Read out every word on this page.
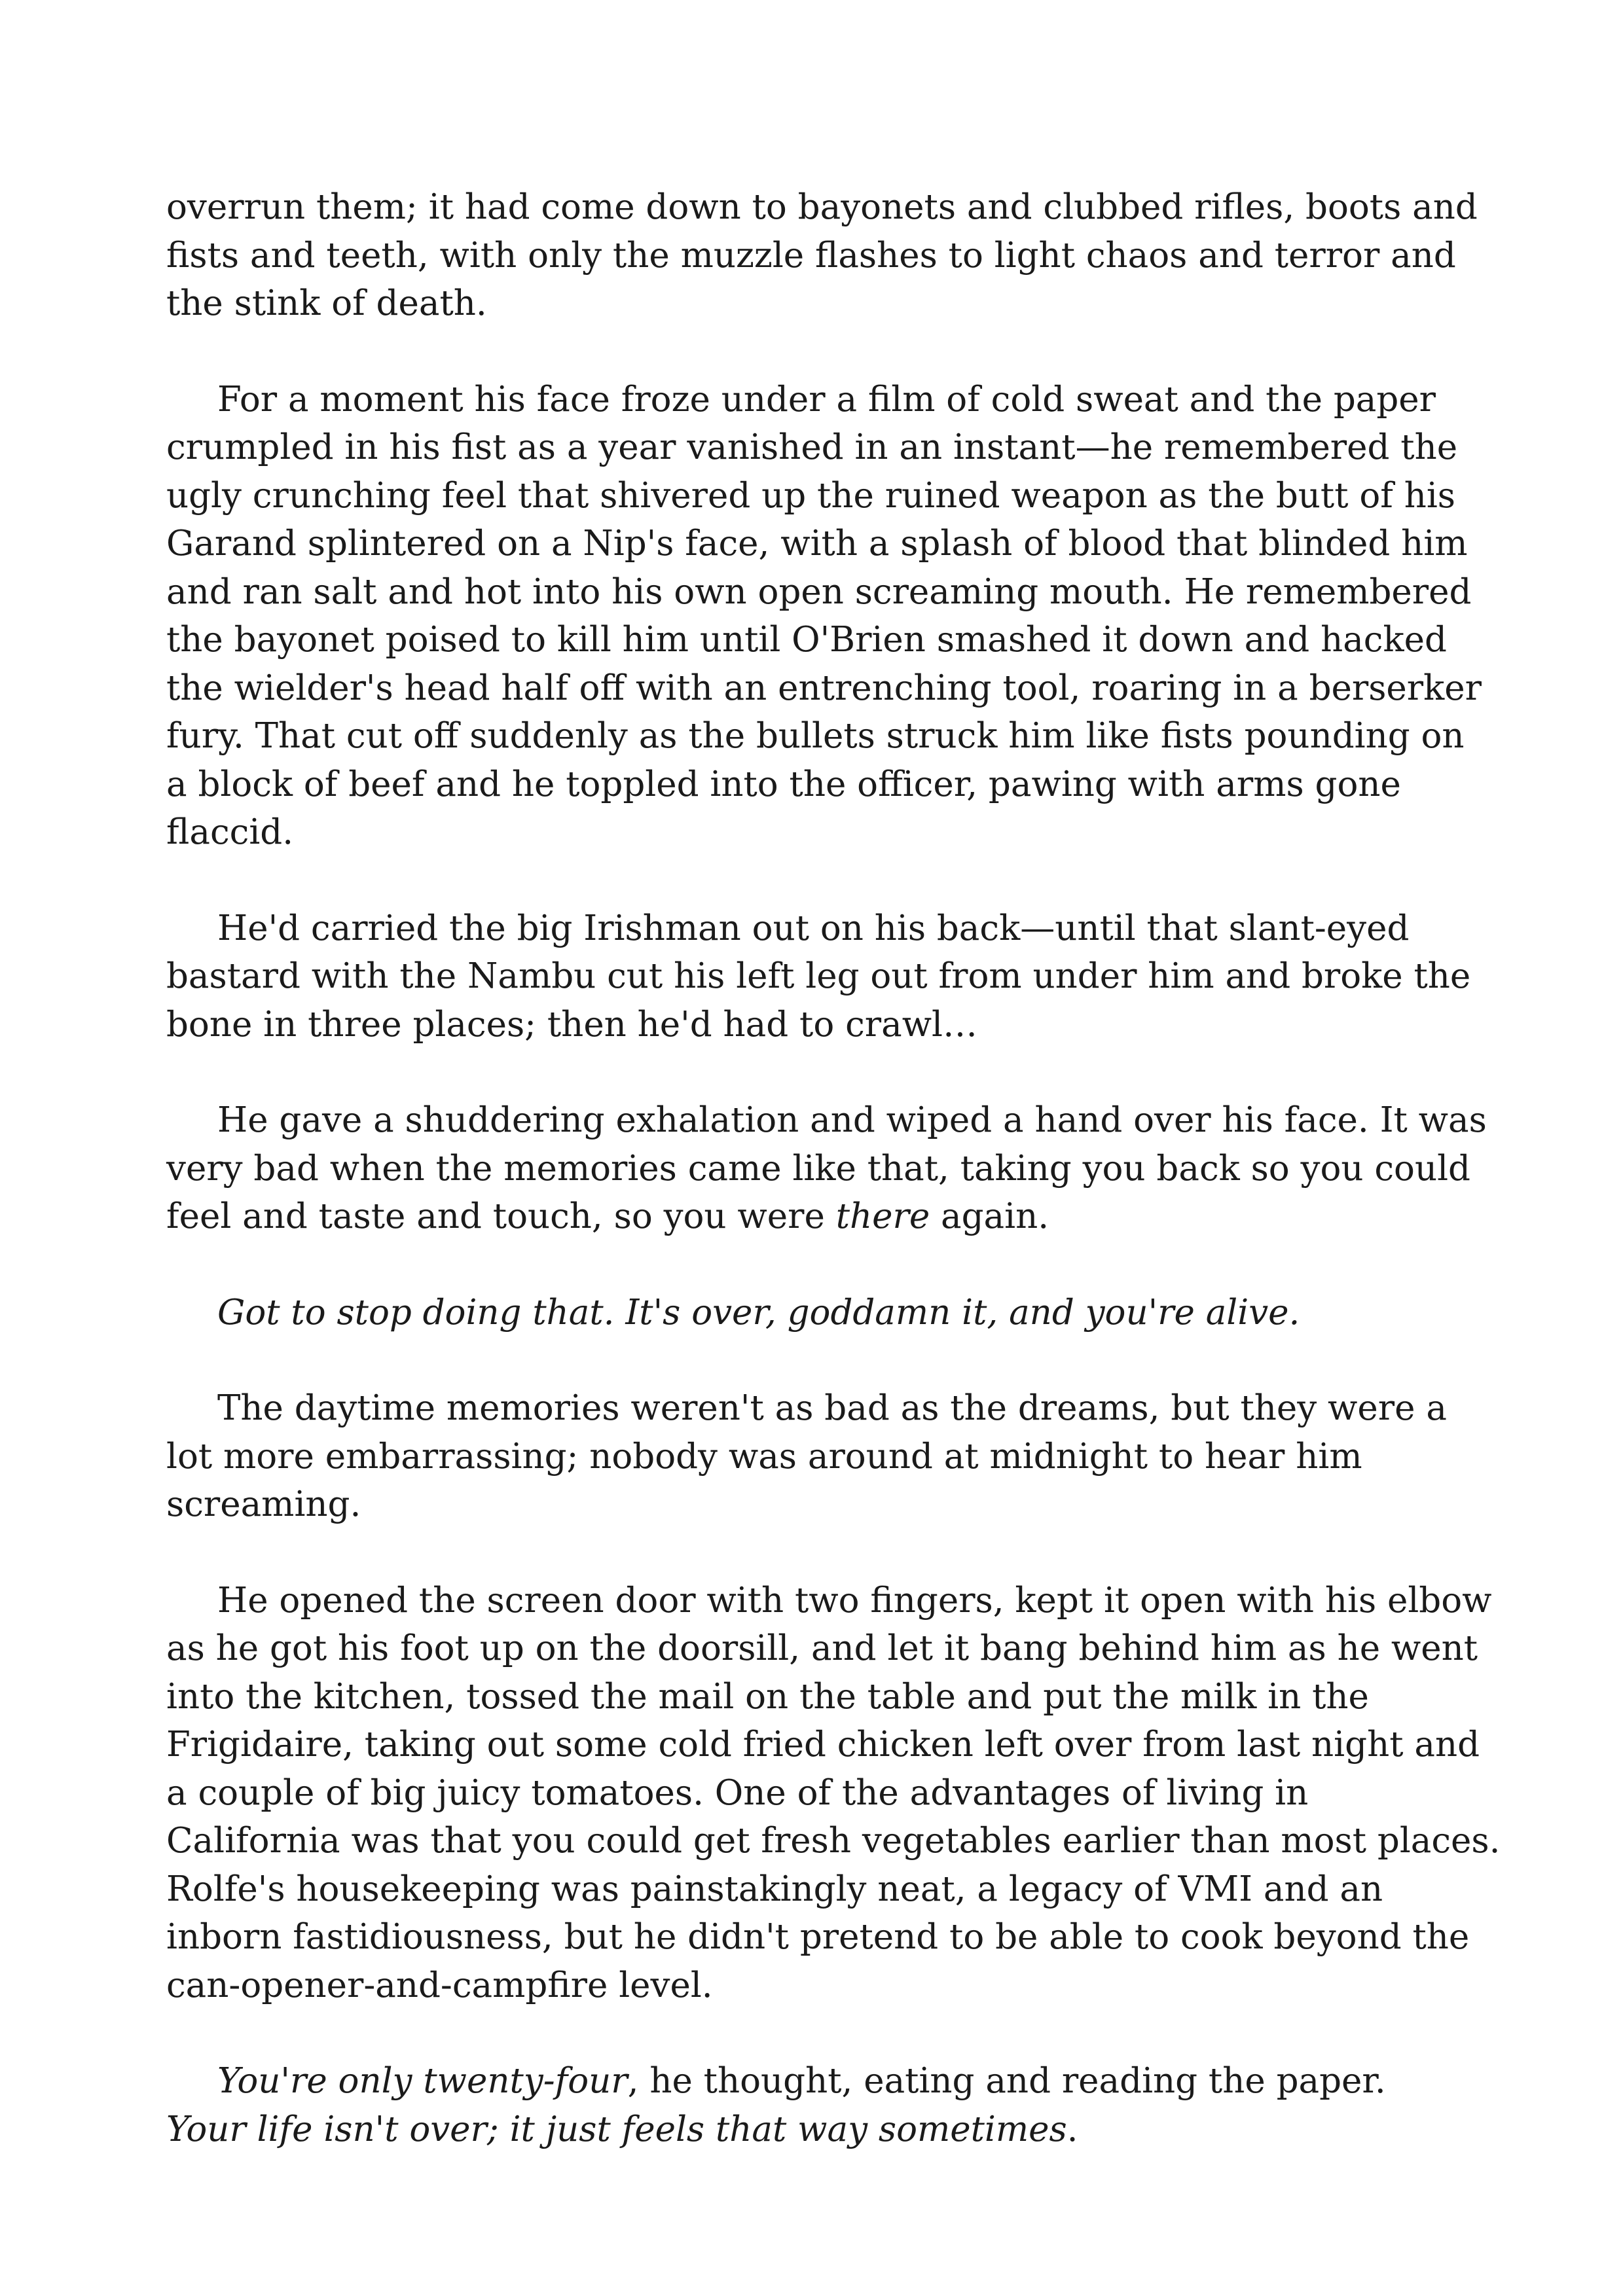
overrun them; it had come down to bayonets and clubbed rifles, boots and
fists and teeth, with only the muzzle flashes to light chaos and terror and
the stink of death.

For a moment his face froze under a film of cold sweat and the paper
crumpled in his fist as a year vanished in an instant—he remembered the
ugly crunching feel that shivered up the ruined weapon as the butt of his
Garand splintered on a Nip's face, with a splash of blood that blinded him
and ran salt and hot into his own open screaming mouth. He remembered
the bayonet poised to kill him until O'Brien smashed it down and hacked
the wielder's head half off with an entrenching tool, roaring in a berserker
fury. That cut off suddenly as the bullets struck him like fists pounding on
a block of beef and he toppled into the officer, pawing with arms gone
flaccid.

He'd carried the big Irishman out on his back—until that slant-eyed
bastard with the Nambu cut his left leg out from under him and broke the
bone in three places; then he'd had to crawl…

He gave a shuddering exhalation and wiped a hand over his face. It was
very bad when the memories came like that, taking you back so you could
feel and taste and touch, so you were there again.

Got to stop doing that. It's over, goddamn it, and you're alive.

The daytime memories weren't as bad as the dreams, but they were a
lot more embarrassing; nobody was around at midnight to hear him
screaming.

He opened the screen door with two fingers, kept it open with his elbow
as he got his foot up on the doorsill, and let it bang behind him as he went
into the kitchen, tossed the mail on the table and put the milk in the
Frigidaire, taking out some cold fried chicken left over from last night and
a couple of big juicy tomatoes. One of the advantages of living in
California was that you could get fresh vegetables earlier than most places.
Rolfe's housekeeping was painstakingly neat, a legacy of VMI and an
inborn fastidiousness, but he didn't pretend to be able to cook beyond the
can-opener-and-campfire level.

You're only twenty-four, he thought, eating and reading the paper.
Your life isn't over; it just feels that way sometimes.
